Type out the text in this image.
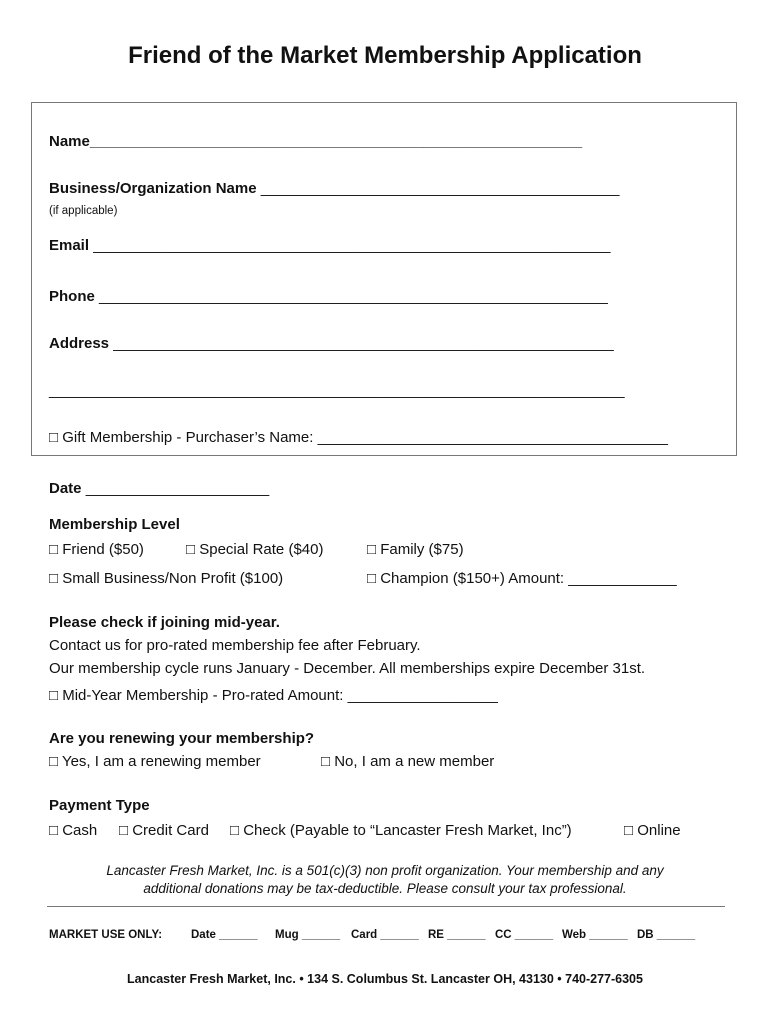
Friend of the Market Membership Application
Name___________________________________________________________
Business/Organization Name ___________________________________________
(if applicable)
Email ______________________________________________________________
Phone _____________________________________________________________
Address ____________________________________________________________
_____________________________________________________________________
□ Gift Membership - Purchaser’s Name: __________________________________________
Date ______________________
Membership Level
□ Friend ($50)	□ Special Rate ($40)	□ Family ($75)
□ Small Business/Non Profit ($100)	□ Champion ($150+) Amount: _____________
Please check if joining mid-year.
Contact us for pro-rated membership fee after February.
Our membership cycle runs January - December. All memberships expire December 31st.
□ Mid-Year Membership - Pro-rated Amount: __________________
Are you renewing your membership?
□ Yes, I am a renewing member	□ No, I am a new member
Payment Type
□ Cash □ Credit Card □ Check (Payable to “Lancaster Fresh Market, Inc”)	□ Online
Lancaster Fresh Market, Inc. is a 501(c)(3) non profit organization. Your membership and any
additional donations may be tax-deductible. Please consult your tax professional.
MARKET USE ONLY:	Date ______ Mug ______ Card ______ RE ______ CC ______ Web ______ DB ______
Lancaster Fresh Market, Inc. • 134 S. Columbus St. Lancaster OH, 43130 • 740-277-6305
